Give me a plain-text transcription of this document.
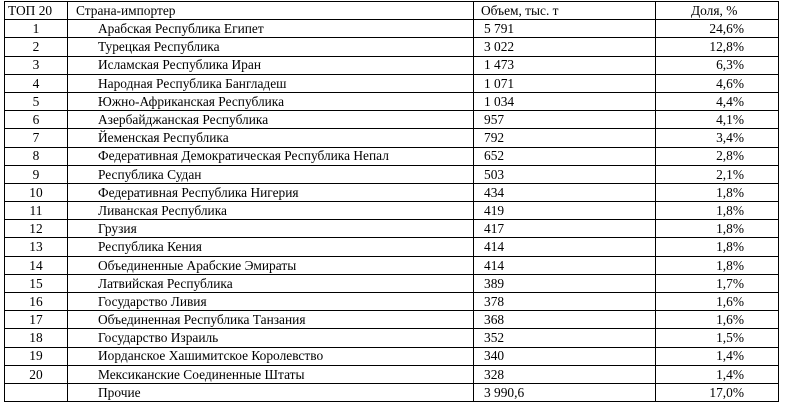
ТОП 20	Страна-импортер	Объем, тыс. т	Доля, %
1	Арабская Республика Египет	5 791	24,6%
2	Турецкая Республика	3 022	12,8%
3	Исламская Республика Иран	1 473	6,3%
4	Народная Республика Бангладеш	1 071	4,6%
5	Южно-Африканская Республика	1 034	4,4%
6	Азербайджанская Республика	957	4,1%
7	Йеменская Республика	792	3,4%
8	Федеративная Демократическая Республика Непал	652	2,8%
9	Республика Судан	503	2,1%
10	Федеративная Республика Нигерия	434	1,8%
11	Ливанская Республика	419	1,8%
12	Грузия	417	1,8%
13	Республика Кения	414	1,8%
14	Объединенные Арабские Эмираты	414	1,8%
15	Латвийская Республика	389	1,7%
16	Государство Ливия	378	1,6%
17	Объединенная Республика Танзания	368	1,6%
18	Государство Израиль	352	1,5%
19	Иорданское Хашимитское Королевство	340	1,4%
20	Мексиканские Соединенные Штаты	328	1,4%
	Прочие	3 990,6	17,0%
